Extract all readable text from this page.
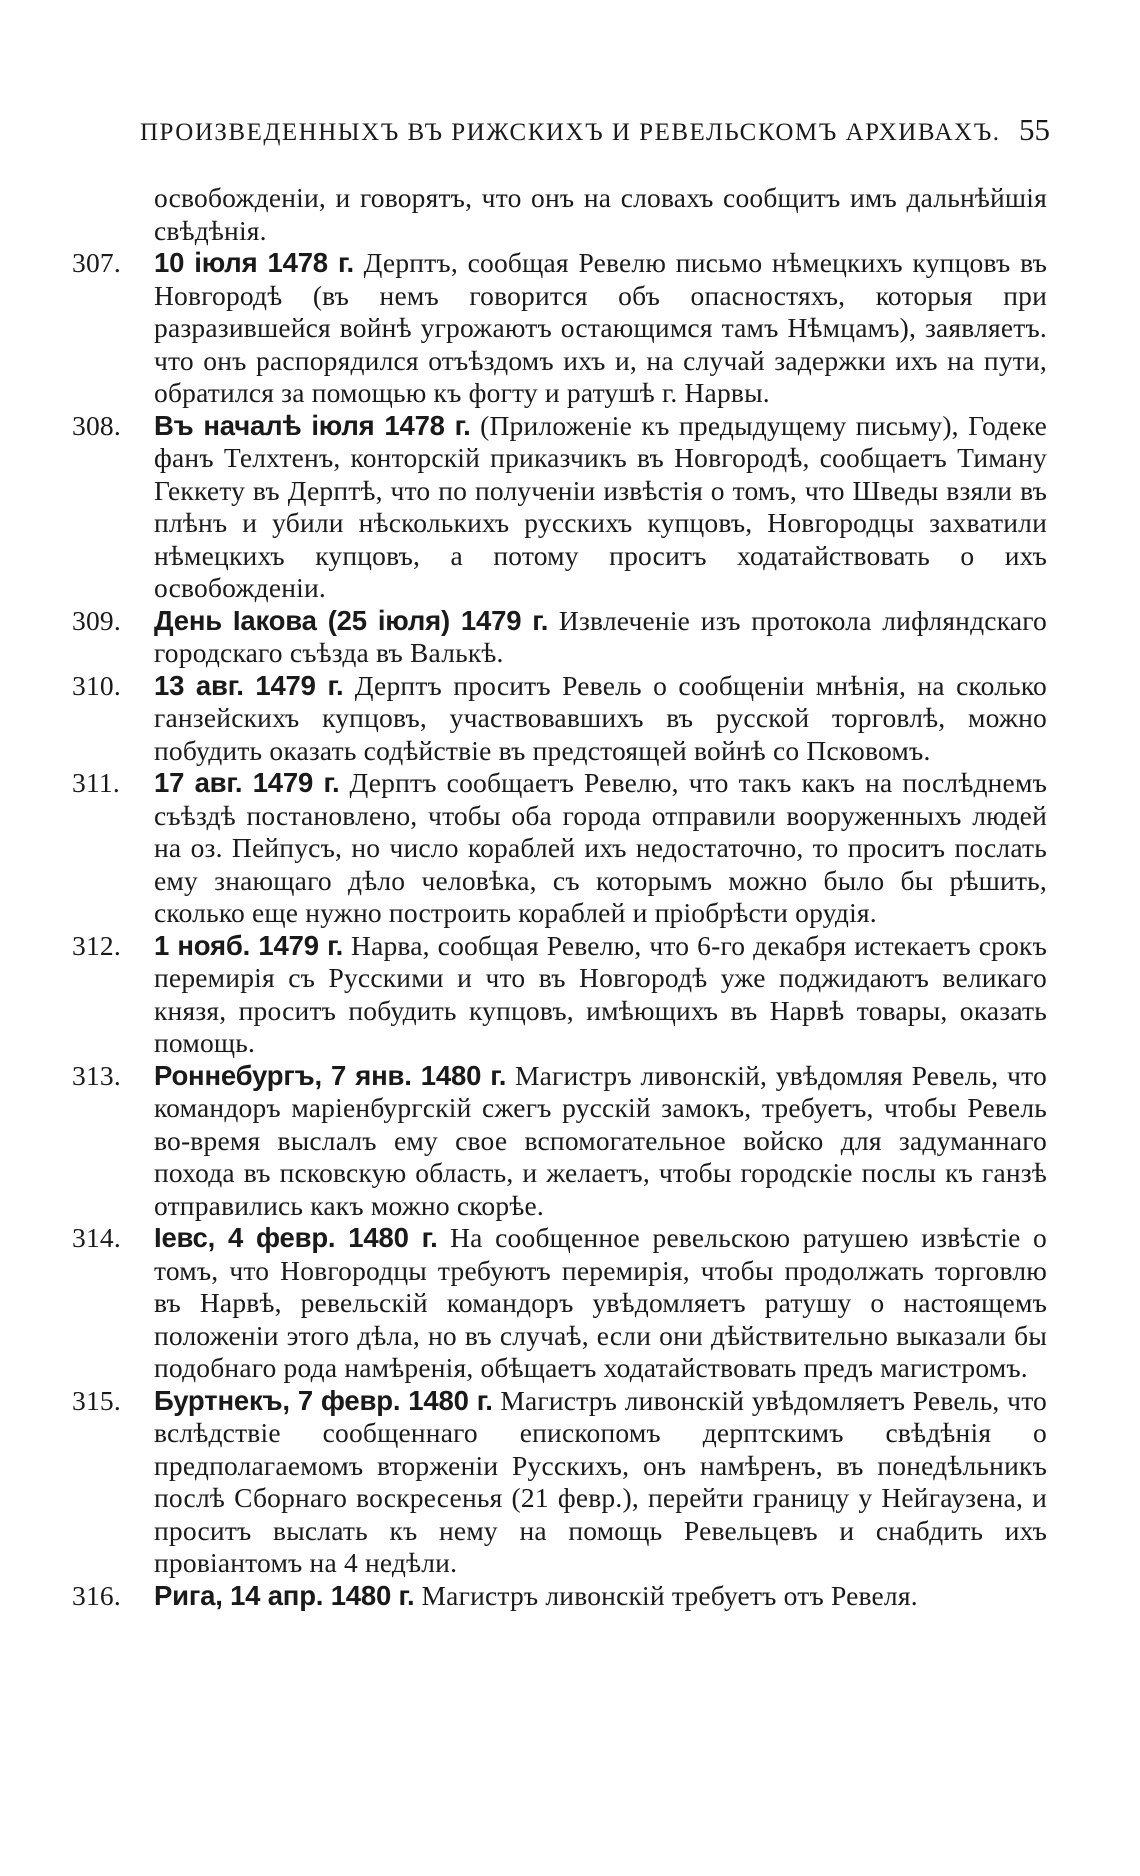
ПРОИЗВЕДЕННЫХЪ ВЪ РИЖСКИХЪ И РЕВЕЛЬСКОМЪ АРХИВАХЪ. 55

освобожденіи, и говорятъ, что онъ на словахъ сообщитъ имъ дальнѣйшія свѣдѣнія.

307.	10 іюля 1478 г. Дерптъ, сообщая Ревелю письмо нѣмецкихъ купцовъ въ Новгородѣ (въ немъ говорится объ опасностяхъ, которыя при разразившейся войнѣ угрожаютъ остающимся тамъ Нѣмцамъ), заявляетъ. что онъ распорядился отъѣздомъ ихъ и, на случай задержки ихъ на пути, обратился за помощью къ фогту и ратушѣ г. Нарвы.

308.	Въ началѣ іюля 1478 г. (Приложеніе къ предыдущему письму), Годеке фанъ Телхтенъ, конторскій приказчикъ въ Новгородѣ, сообщаетъ Тиману Геккету въ Дерптѣ, что по полученіи извѣстія о томъ, что Шведы взяли въ плѣнъ и убили нѣсколькихъ русскихъ купцовъ, Новгородцы захватили нѣмецкихъ купцовъ, а потому проситъ ходатайствовать о ихъ освобожденіи.

309.	День Іакова (25 іюля) 1479 г. Извлеченіе изъ протокола лифляндскаго городскаго съѣзда въ Валькѣ.

310.	13 авг. 1479 г. Дерптъ проситъ Ревель о сообщеніи мнѣнія, на сколько ганзейскихъ купцовъ, участвовавшихъ въ русской торговлѣ, можно побудить оказать содѣйствіе въ предстоящей войнѣ со Псковомъ.

311.	17 авг. 1479 г. Дерптъ сообщаетъ Ревелю, что такъ какъ на послѣднемъ съѣздѣ постановлено, чтобы оба города отправили вооруженныхъ людей на оз. Пейпусъ, но число кораблей ихъ недостаточно, то проситъ послать ему знающаго дѣло человѣка, съ которымъ можно было бы рѣшить, сколько еще нужно построить кораблей и пріобрѣсти орудія.

312.	1 нояб. 1479 г. Нарва, сообщая Ревелю, что 6-го декабря истекаетъ срокъ перемирія съ Русскими и что въ Новгородѣ уже поджидаютъ великаго князя, проситъ побудить купцовъ, имѣющихъ въ Нарвѣ товары, оказать помощь.

313.	Роннебургъ, 7 янв. 1480 г. Магистръ ливонскій, увѣдомляя Ревель, что командоръ маріенбургскій сжегъ русскій замокъ, требуетъ, чтобы Ревель во-время выслалъ ему свое вспомогательное войско для задуманнаго похода въ псковскую область, и желаетъ, чтобы городскіе послы къ ганзѣ отправились какъ можно скорѣе.

314.	Іевс, 4 февр. 1480 г. На сообщенное ревельскою ратушею извѣстіе о томъ, что Новгородцы требуютъ перемирія, чтобы продолжать торговлю въ Нарвѣ, ревельскій командоръ увѣдомляетъ ратушу о настоящемъ положеніи этого дѣла, но въ случаѣ, если они дѣйствительно выказали бы подобнаго рода намѣренія, обѣщаетъ ходатайствовать предъ магистромъ.

315.	Буртнекъ, 7 февр. 1480 г. Магистръ ливонскій увѣдомляетъ Ревель, что вслѣдствіе сообщеннаго епископомъ дерптскимъ свѣдѣнія о предполагаемомъ вторженіи Русскихъ, онъ намѣренъ, въ понедѣльникъ послѣ Сборнаго воскресенья (21 февр.), перейти границу у Нейгаузена, и проситъ выслать къ нему на помощь Ревельцевъ и снабдить ихъ провіантомъ на 4 недѣли.

316.	Рига, 14 апр. 1480 г. Магистръ ливонскій требуетъ отъ Ревеля.
